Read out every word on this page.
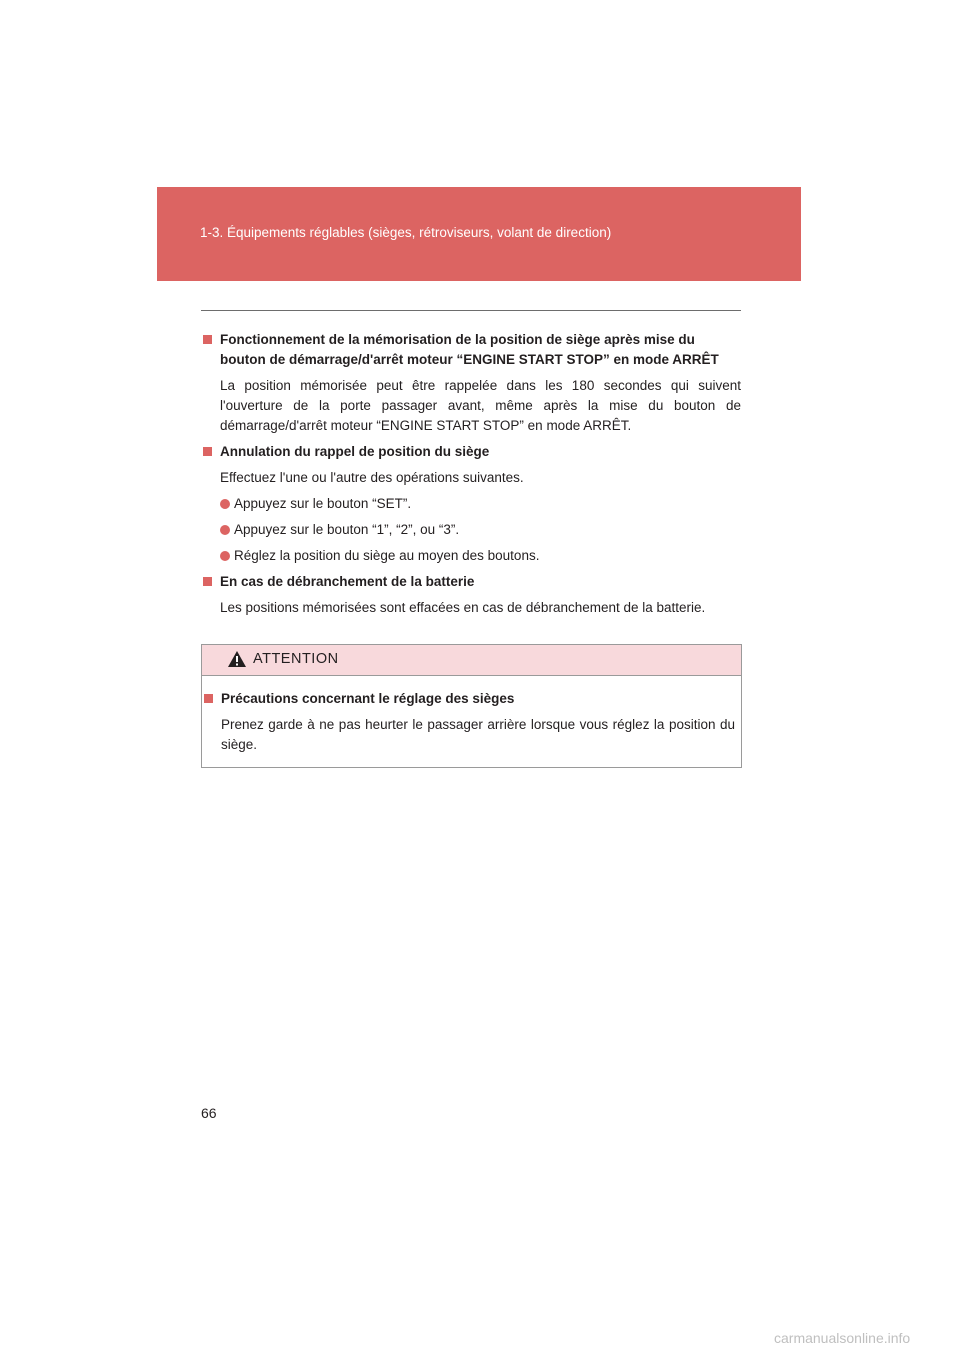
1-3. Équipements réglables (sièges, rétroviseurs, volant de direction)
Fonctionnement de la mémorisation de la position de siège après mise du bouton de démarrage/d'arrêt moteur “ENGINE START STOP” en mode ARRÊT
La position mémorisée peut être rappelée dans les 180 secondes qui suivent l'ouverture de la porte passager avant, même après la mise du bouton de démarrage/d'arrêt moteur “ENGINE START STOP” en mode ARRÊT.
Annulation du rappel de position du siège
Effectuez l'une ou l'autre des opérations suivantes.
Appuyez sur le bouton “SET”.
Appuyez sur le bouton “1”, “2”, ou “3”.
Réglez la position du siège au moyen des boutons.
En cas de débranchement de la batterie
Les positions mémorisées sont effacées en cas de débranchement de la batterie.
ATTENTION
Précautions concernant le réglage des sièges
Prenez garde à ne pas heurter le passager arrière lorsque vous réglez la position du siège.
66
carmanualsonline.info
